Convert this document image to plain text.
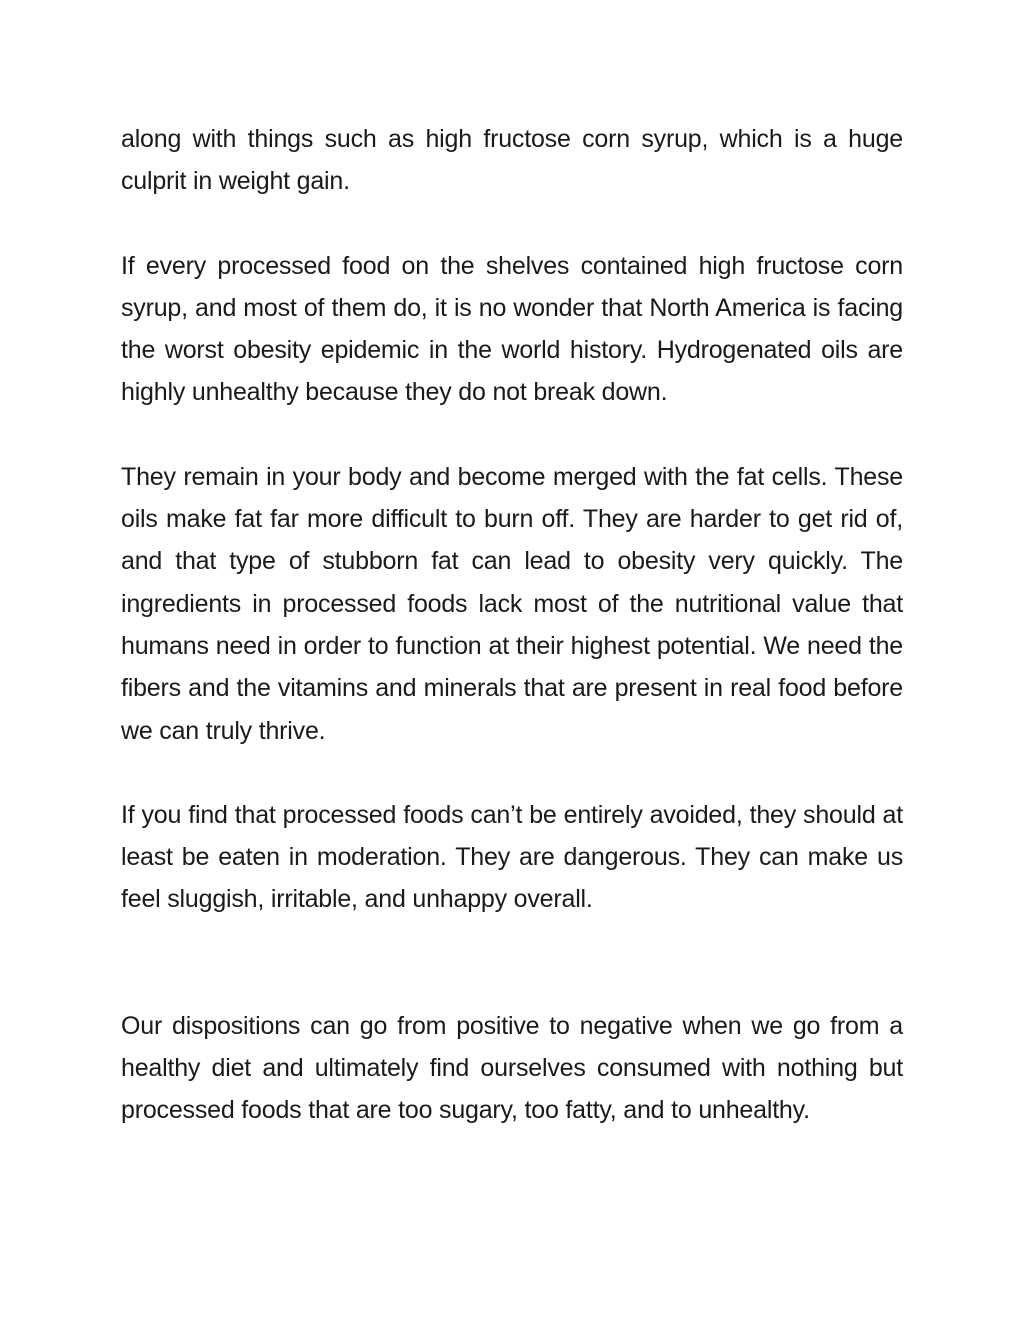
along with things such as high fructose corn syrup, which is a huge culprit in weight gain.

If every processed food on the shelves contained high fructose corn syrup, and most of them do, it is no wonder that North America is facing the worst obesity epidemic in the world history. Hydrogenated oils are highly unhealthy because they do not break down.

They remain in your body and become merged with the fat cells. These oils make fat far more difficult to burn off. They are harder to get rid of, and that type of stubborn fat can lead to obesity very quickly. The ingredients in processed foods lack most of the nutritional value that humans need in order to function at their highest potential. We need the fibers and the vitamins and minerals that are present in real food before we can truly thrive.

If you find that processed foods can’t be entirely avoided, they should at least be eaten in moderation. They are dangerous. They can make us feel sluggish, irritable, and unhappy overall.

Our dispositions can go from positive to negative when we go from a healthy diet and ultimately find ourselves consumed with nothing but processed foods that are too sugary, too fatty, and to unhealthy.
